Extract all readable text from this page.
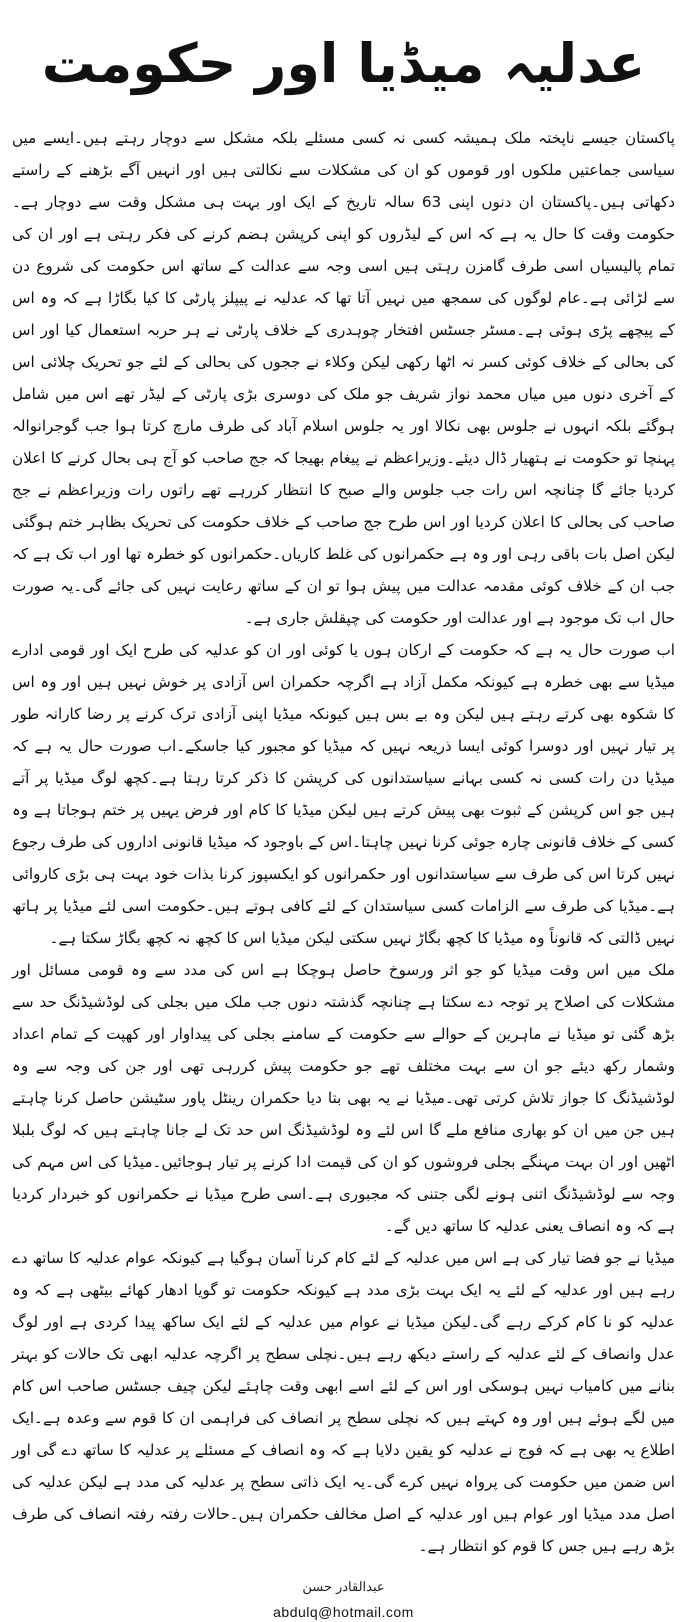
عدلیہ میڈیا اور حکومت

پاکستان جیسے ناپختہ ملک ہمیشہ کسی نہ کسی مسئلے بلکہ مشکل سے دوچار رہتے ہیں۔ایسے میں سیاسی جماعتیں ملکوں اور قوموں کو ان کی مشکلات سے نکالتی ہیں اور انہیں آگے بڑھنے کے راستے دکھاتی ہیں۔پاکستان ان دنوں اپنی 63 سالہ تاریخ کے ایک اور بہت ہی مشکل وقت سے دوچار ہے۔حکومت وقت کا حال یہ ہے کہ اس کے لیڈروں کو اپنی کرپشن ہضم کرنے کی فکر رہتی ہے اور ان کی تمام پالیسیاں اسی طرف گامزن رہتی ہیں اسی وجہ سے عدالت کے ساتھ اس حکومت کی شروع دن سے لڑائی ہے۔عام لوگوں کی سمجھ میں نہیں آتا تھا کہ عدلیہ نے پیپلز پارٹی کا کیا بگاڑا ہے کہ وہ اس کے پیچھے پڑی ہوئی ہے۔مسٹر جسٹس افتخار چوہدری کے خلاف پارٹی نے ہر حربہ استعمال کیا اور اس کی بحالی کے خلاف کوئی کسر نہ اٹھا رکھی لیکن وکلاء نے ججوں کی بحالی کے لئے جو تحریک چلائی اس کے آخری دنوں میں میاں محمد نواز شریف جو ملک کی دوسری بڑی پارٹی کے لیڈر تھے اس میں شامل ہوگئے بلکہ انہوں نے جلوس بھی نکالا اور یہ جلوس اسلام آباد کی طرف مارچ کرتا ہوا جب گوجرانوالہ پہنچا تو حکومت نے ہتھیار ڈال دیئے۔وزیراعظم نے پیغام بھیجا کہ جج صاحب کو آج ہی بحال کرنے کا اعلان کردیا جائے گا چنانچہ اس رات جب جلوس والے صبح کا انتظار کررہے تھے راتوں رات وزیراعظم نے جج صاحب کی بحالی کا اعلان کردیا اور اس طرح جج صاحب کے خلاف حکومت کی تحریک بظاہر ختم ہوگئی لیکن اصل بات باقی رہی اور وہ ہے حکمرانوں کی غلط کاریاں۔حکمرانوں کو خطرہ تھا اور اب تک ہے کہ جب ان کے خلاف کوئی مقدمہ عدالت میں پیش ہوا تو ان کے ساتھ رعایت نہیں کی جائے گی۔یہ صورت حال اب تک موجود ہے اور عدالت اور حکومت کی چپقلش جاری ہے۔

اب صورت حال یہ ہے کہ حکومت کے ارکان ہوں یا کوئی اور ان کو عدلیہ کی طرح ایک اور قومی ادارے میڈیا سے بھی خطرہ ہے کیونکہ مکمل آزاد ہے اگرچہ حکمران اس آزادی پر خوش نہیں ہیں اور وہ اس کا شکوہ بھی کرتے رہتے ہیں لیکن وہ بے بس ہیں کیونکہ میڈیا اپنی آزادی ترک کرنے پر رضا کارانہ طور پر تیار نہیں اور دوسرا کوئی ایسا ذریعہ نہیں کہ میڈیا کو مجبور کیا جاسکے۔اب صورت حال یہ ہے کہ میڈیا دن رات کسی نہ کسی بہانے سیاستدانوں کی کرپشن کا ذکر کرتا رہتا ہے۔کچھ لوگ میڈیا پر آتے ہیں جو اس کرپشن کے ثبوت بھی پیش کرتے ہیں لیکن میڈیا کا کام اور فرض یہیں پر ختم ہوجاتا ہے وہ کسی کے خلاف قانونی چارہ جوئی کرنا نہیں چاہتا۔اس کے باوجود کہ میڈیا قانونی اداروں کی طرف رجوع نہیں کرتا اس کی طرف سے سیاستدانوں اور حکمرانوں کو ایکسپوز کرنا بذات خود بہت ہی بڑی کاروائی ہے۔میڈیا کی طرف سے الزامات کسی سیاستدان کے لئے کافی ہوتے ہیں۔حکومت اسی لئے میڈیا پر ہاتھ نہیں ڈالتی کہ قانوناً وہ میڈیا کا کچھ بگاڑ نہیں سکتی لیکن میڈیا اس کا کچھ نہ کچھ بگاڑ سکتا ہے۔

ملک میں اس وقت میڈیا کو جو اثر ورسوخ حاصل ہوچکا ہے اس کی مدد سے وہ قومی مسائل اور مشکلات کی اصلاح پر توجہ دے سکتا ہے چنانچہ گذشتہ دنوں جب ملک میں بجلی کی لوڈشیڈنگ حد سے بڑھ گئی تو میڈیا نے ماہرین کے حوالے سے حکومت کے سامنے بجلی کی پیداوار اور کھپت کے تمام اعداد وشمار رکھ دیئے جو ان سے بہت مختلف تھے جو حکومت پیش کررہی تھی اور جن کی وجہ سے وہ لوڈشیڈنگ کا جواز تلاش کرتی تھی۔میڈیا نے یہ بھی بتا دیا حکمران رینٹل پاور سٹیشن حاصل کرنا چاہتے ہیں جن میں ان کو بھاری منافع ملے گا اس لئے وہ لوڈشیڈنگ اس حد تک لے جانا چاہتے ہیں کہ لوگ بلبلا اٹھیں اور ان بہت مہنگے بجلی فروشوں کو ان کی قیمت ادا کرنے پر تیار ہوجائیں۔میڈیا کی اس مہم کی وجہ سے لوڈشیڈنگ اتنی ہونے لگی جتنی کہ مجبوری ہے۔اسی طرح میڈیا نے حکمرانوں کو خبردار کردیا ہے کہ وہ انصاف یعنی عدلیہ کا ساتھ دیں گے۔

میڈیا نے جو فضا تیار کی ہے اس میں عدلیہ کے لئے کام کرنا آسان ہوگیا ہے کیونکہ عوام عدلیہ کا ساتھ دے رہے ہیں اور عدلیہ کے لئے یہ ایک بہت بڑی مدد ہے کیونکہ حکومت تو گویا ادھار کھائے بیٹھی ہے کہ وہ عدلیہ کو نا کام کرکے رہے گی۔لیکن میڈیا نے عوام میں عدلیہ کے لئے ایک ساکھ پیدا کردی ہے اور لوگ عدل وانصاف کے لئے عدلیہ کے راستے دیکھ رہے ہیں۔نچلی سطح پر اگرچہ عدلیہ ابھی تک حالات کو بہتر بنانے میں کامیاب نہیں ہوسکی اور اس کے لئے اسے ابھی وقت چاہئے لیکن چیف جسٹس صاحب اس کام میں لگے ہوئے ہیں اور وہ کہتے ہیں کہ نچلی سطح پر انصاف کی فراہمی ان کا قوم سے وعدہ ہے۔ایک اطلاع یہ بھی ہے کہ فوج نے عدلیہ کو یقین دلایا ہے کہ وہ انصاف کے مسئلے پر عدلیہ کا ساتھ دے گی اور اس ضمن میں حکومت کی پرواہ نہیں کرے گی۔یہ ایک ذاتی سطح پر عدلیہ کی مدد ہے لیکن عدلیہ کی اصل مدد میڈیا اور عوام ہیں اور عدلیہ کے اصل مخالف حکمران ہیں۔حالات رفتہ رفتہ انصاف کی طرف بڑھ رہے ہیں جس کا قوم کو انتظار ہے۔

عبدالقادر حسن
abdulq@hotmail.com
